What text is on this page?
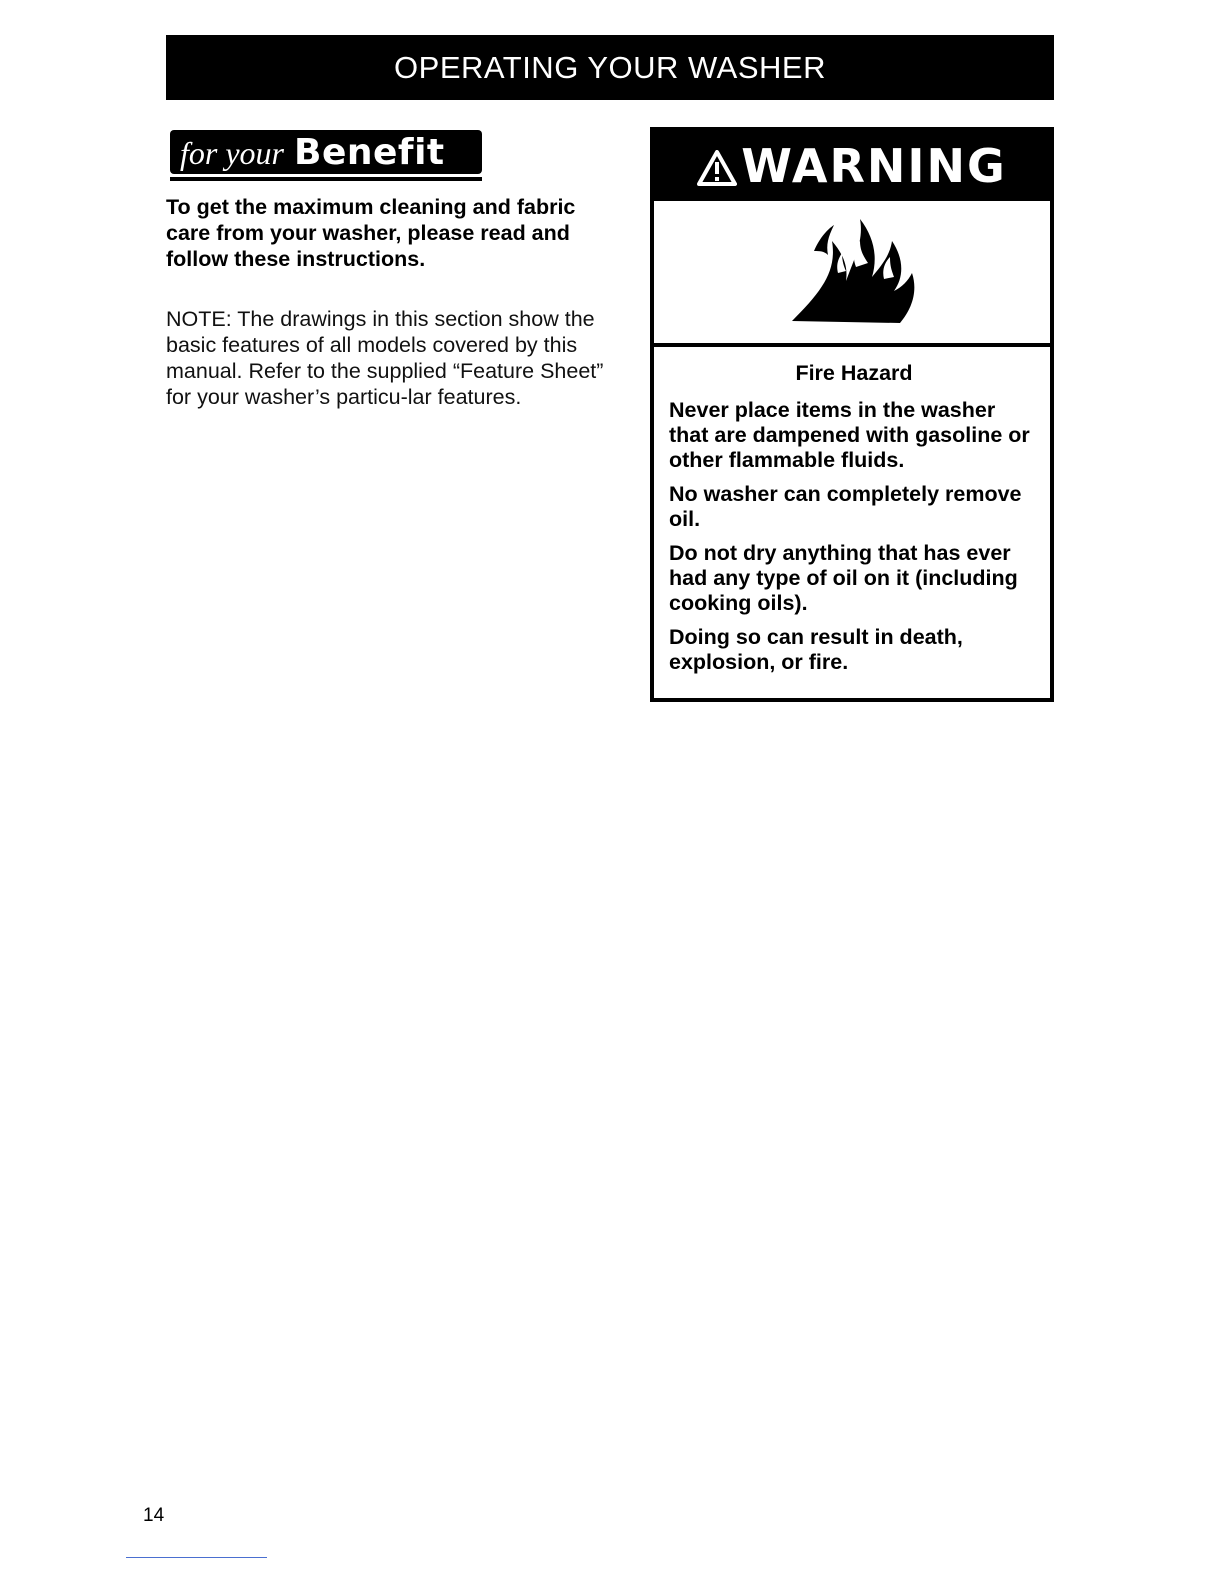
OPERATING YOUR WASHER
for your Benefit
To get the maximum cleaning and fabric care from your washer, please read and follow these instructions.
NOTE: The drawings in this section show the basic features of all models covered by this manual. Refer to the supplied “Feature Sheet” for your washer’s particu-lar features.
WARNING
Fire Hazard

Never place items in the washer that are dampened with gasoline or other flammable fluids.

No washer can completely remove oil.

Do not dry anything that has ever had any type of oil on it (including cooking oils).

Doing so can result in death, explosion, or fire.

14
